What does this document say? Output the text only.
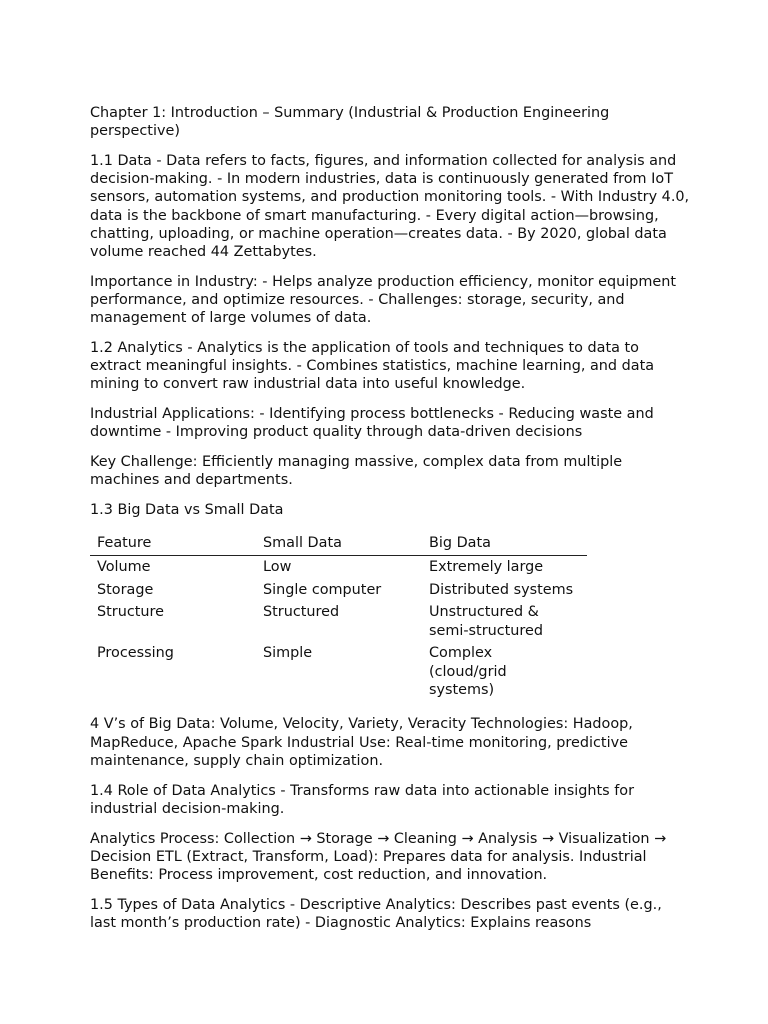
Chapter 1: Introduction – Summary (Industrial & Production Engineering perspective)

1.1 Data - Data refers to facts, figures, and information collected for analysis and decision-making. - In modern industries, data is continuously generated from IoT sensors, automation systems, and production monitoring tools. - With Industry 4.0, data is the backbone of smart manufacturing. - Every digital action—browsing, chatting, uploading, or machine operation—creates data. - By 2020, global data volume reached 44 Zettabytes.

Importance in Industry: - Helps analyze production efficiency, monitor equipment performance, and optimize resources. - Challenges: storage, security, and management of large volumes of data.

1.2 Analytics - Analytics is the application of tools and techniques to data to extract meaningful insights. - Combines statistics, machine learning, and data mining to convert raw industrial data into useful knowledge.

Industrial Applications: - Identifying process bottlenecks - Reducing waste and downtime - Improving product quality through data-driven decisions

Key Challenge: Efficiently managing massive, complex data from multiple machines and departments.

1.3 Big Data vs Small Data

Feature	Small Data	Big Data
Volume	Low	Extremely large
Storage	Single computer	Distributed systems
Structure	Structured	Unstructured & semi-structured
Processing	Simple	Complex (cloud/grid systems)

4 V’s of Big Data: Volume, Velocity, Variety, Veracity Technologies: Hadoop, MapReduce, Apache Spark Industrial Use: Real-time monitoring, predictive maintenance, supply chain optimization.

1.4 Role of Data Analytics - Transforms raw data into actionable insights for industrial decision-making.

Analytics Process: Collection → Storage → Cleaning → Analysis → Visualization → Decision ETL (Extract, Transform, Load): Prepares data for analysis. Industrial Benefits: Process improvement, cost reduction, and innovation.

1.5 Types of Data Analytics - Descriptive Analytics: Describes past events (e.g., last month’s production rate) - Diagnostic Analytics: Explains reasons
